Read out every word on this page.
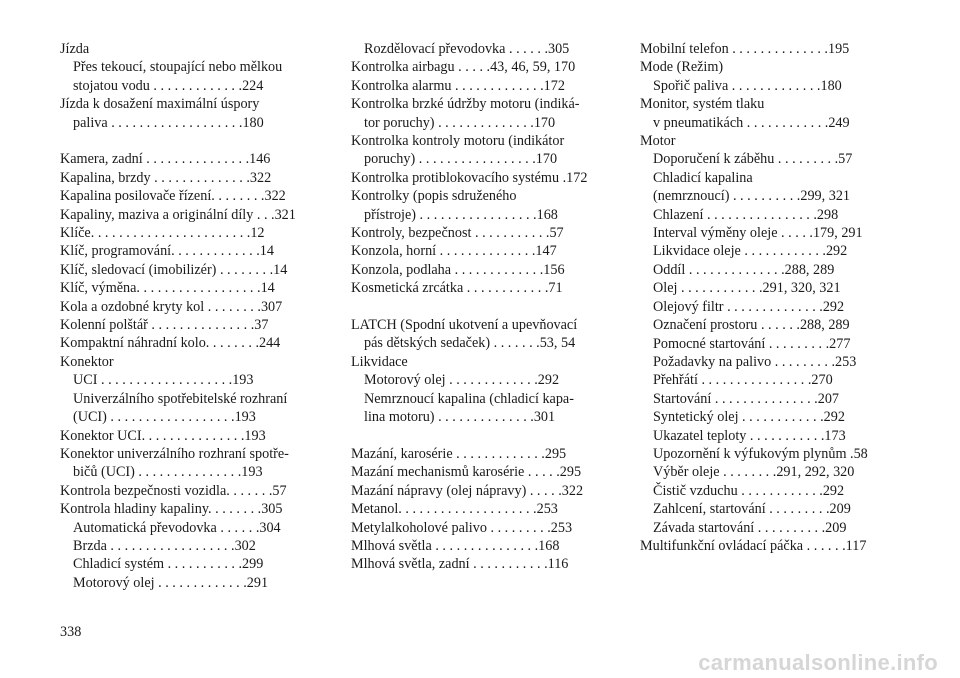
Jízda
Přes tekoucí, stoupající nebo mělkou
stojatou vodu . . . . . . . . . . . . .224
Jízda k dosažení maximální úspory
paliva . . . . . . . . . . . . . . . . . . .180
Kamera, zadní . . . . . . . . . . . . . . .146
Kapalina, brzdy . . . . . . . . . . . . . .322
Kapalina posilovače řízení. . . . . . . .322
Kapaliny, maziva a originální díly . . .321
Klíče. . . . . . . . . . . . . . . . . . . . . . .12
Klíč, programování. . . . . . . . . . . . .14
Klíč, sledovací (imobilizér) . . . . . . . .14
Klíč, výměna. . . . . . . . . . . . . . . . . .14
Kola a ozdobné kryty kol . . . . . . . .307
Kolenní polštář . . . . . . . . . . . . . . .37
Kompaktní náhradní kolo. . . . . . . .244
Konektor
UCI . . . . . . . . . . . . . . . . . . .193
Univerzálního spotřebitelské rozhraní
(UCI) . . . . . . . . . . . . . . . . . .193
Konektor UCI. . . . . . . . . . . . . . .193
Konektor univerzálního rozhraní spotře-
bičů (UCI) . . . . . . . . . . . . . . .193
Kontrola bezpečnosti vozidla. . . . . . .57
Kontrola hladiny kapaliny. . . . . . . .305
Automatická převodovka . . . . . .304
Brzda . . . . . . . . . . . . . . . . . .302
Chladicí systém . . . . . . . . . . .299
Motorový olej . . . . . . . . . . . . .291
Rozdělovací převodovka . . . . . .305
Kontrolka airbagu . . . . .43, 46, 59, 170
Kontrolka alarmu . . . . . . . . . . . . .172
Kontrolka brzké údržby motoru (indiká-
tor poruchy) . . . . . . . . . . . . . .170
Kontrolka kontroly motoru (indikátor
poruchy) . . . . . . . . . . . . . . . . .170
Kontrolka protiblokovacího systému .172
Kontrolky (popis sdruženého
přístroje) . . . . . . . . . . . . . . . . .168
Kontroly, bezpečnost . . . . . . . . . . .57
Konzola, horní . . . . . . . . . . . . . .147
Konzola, podlaha . . . . . . . . . . . . .156
Kosmetická zrcátka . . . . . . . . . . . .71
LATCH (Spodní ukotvení a upevňovací
pás dětských sedaček) . . . . . . .53, 54
Likvidace
Motorový olej . . . . . . . . . . . . .292
Nemrznoucí kapalina (chladicí kapa-
lina motoru) . . . . . . . . . . . . . .301
Mazání, karosérie . . . . . . . . . . . . .295
Mazání mechanismů karosérie . . . . .295
Mazání nápravy (olej nápravy) . . . . .322
Metanol. . . . . . . . . . . . . . . . . . . .253
Metylalkoholové palivo . . . . . . . . .253
Mlhová světla . . . . . . . . . . . . . . .168
Mlhová světla, zadní . . . . . . . . . . .116
Mobilní telefon . . . . . . . . . . . . . .195
Mode (Režim)
Spořič paliva . . . . . . . . . . . . .180
Monitor, systém tlaku
v pneumatikách . . . . . . . . . . . .249
Motor
Doporučení k záběhu . . . . . . . . .57
Chladicí kapalina
(nemrznoucí) . . . . . . . . . .299, 321
Chlazení . . . . . . . . . . . . . . . .298
Interval výměny oleje . . . . .179, 291
Likvidace oleje . . . . . . . . . . . .292
Oddíl . . . . . . . . . . . . . .288, 289
Olej . . . . . . . . . . . .291, 320, 321
Olejový filtr . . . . . . . . . . . . . .292
Označení prostoru . . . . . .288, 289
Pomocné startování . . . . . . . . .277
Požadavky na palivo . . . . . . . . .253
Přehřátí . . . . . . . . . . . . . . . .270
Startování . . . . . . . . . . . . . . .207
Syntetický olej . . . . . . . . . . . .292
Ukazatel teploty . . . . . . . . . . .173
Upozornění k výfukovým plynům .58
Výběr oleje . . . . . . . .291, 292, 320
Čistič vzduchu . . . . . . . . . . . .292
Zahlcení, startování . . . . . . . . .209
Závada startování . . . . . . . . . .209
Multifunkční ovládací páčka . . . . . .117
338
carmanualsonline.info
